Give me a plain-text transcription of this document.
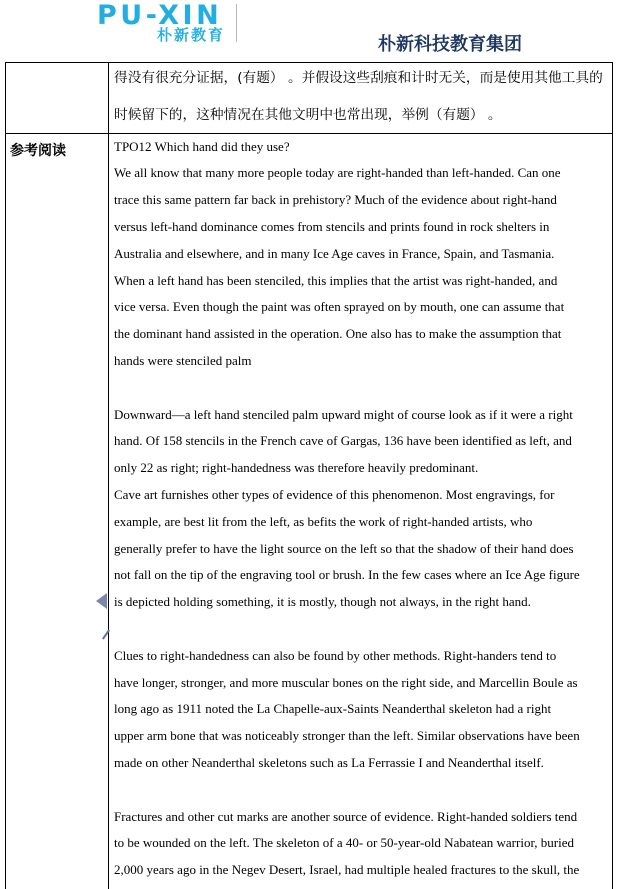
PU-XIN
朴新教育	朴新科技教育集团
得没有很充分证据，(有题） 。并假设这些刮痕和计时无关，而是使用其他工具的
时候留下的，这种情况在其他文明中也常出现，举例（有题） 。
参考阅读	TPO12 Which hand did they use?
We all know that many more people today are right-handed than left-handed. Can one
trace this same pattern far back in prehistory? Much of the evidence about right-hand
versus left-hand dominance comes from stencils and prints found in rock shelters in
Australia and elsewhere, and in many Ice Age caves in France, Spain, and Tasmania.
When a left hand has been stenciled, this implies that the artist was right-handed, and
vice versa. Even though the paint was often sprayed on by mouth, one can assume that
the dominant hand assisted in the operation. One also has to make the assumption that
hands were stenciled palm
Downward—a left hand stenciled palm upward might of course look as if it were a right
hand. Of 158 stencils in the French cave of Gargas, 136 have been identified as left, and
only 22 as right; right-handedness was therefore heavily predominant.
Cave art furnishes other types of evidence of this phenomenon. Most engravings, for
example, are best lit from the left, as befits the work of right-handed artists, who
generally prefer to have the light source on the left so that the shadow of their hand does
not fall on the tip of the engraving tool or brush. In the few cases where an Ice Age figure
is depicted holding something, it is mostly, though not always, in the right hand.
Clues to right-handedness can also be found by other methods. Right-handers tend to
have longer, stronger, and more muscular bones on the right side, and Marcellin Boule as
long ago as 1911 noted the La Chapelle-aux-Saints Neanderthal skeleton had a right
upper arm bone that was noticeably stronger than the left. Similar observations have been
made on other Neanderthal skeletons such as La Ferrassie I and Neanderthal itself.
Fractures and other cut marks are another source of evidence. Right-handed soldiers tend
to be wounded on the left. The skeleton of a 40- or 50-year-old Nabatean warrior, buried
2,000 years ago in the Negev Desert, Israel, had multiple healed fractures to the skull, the
